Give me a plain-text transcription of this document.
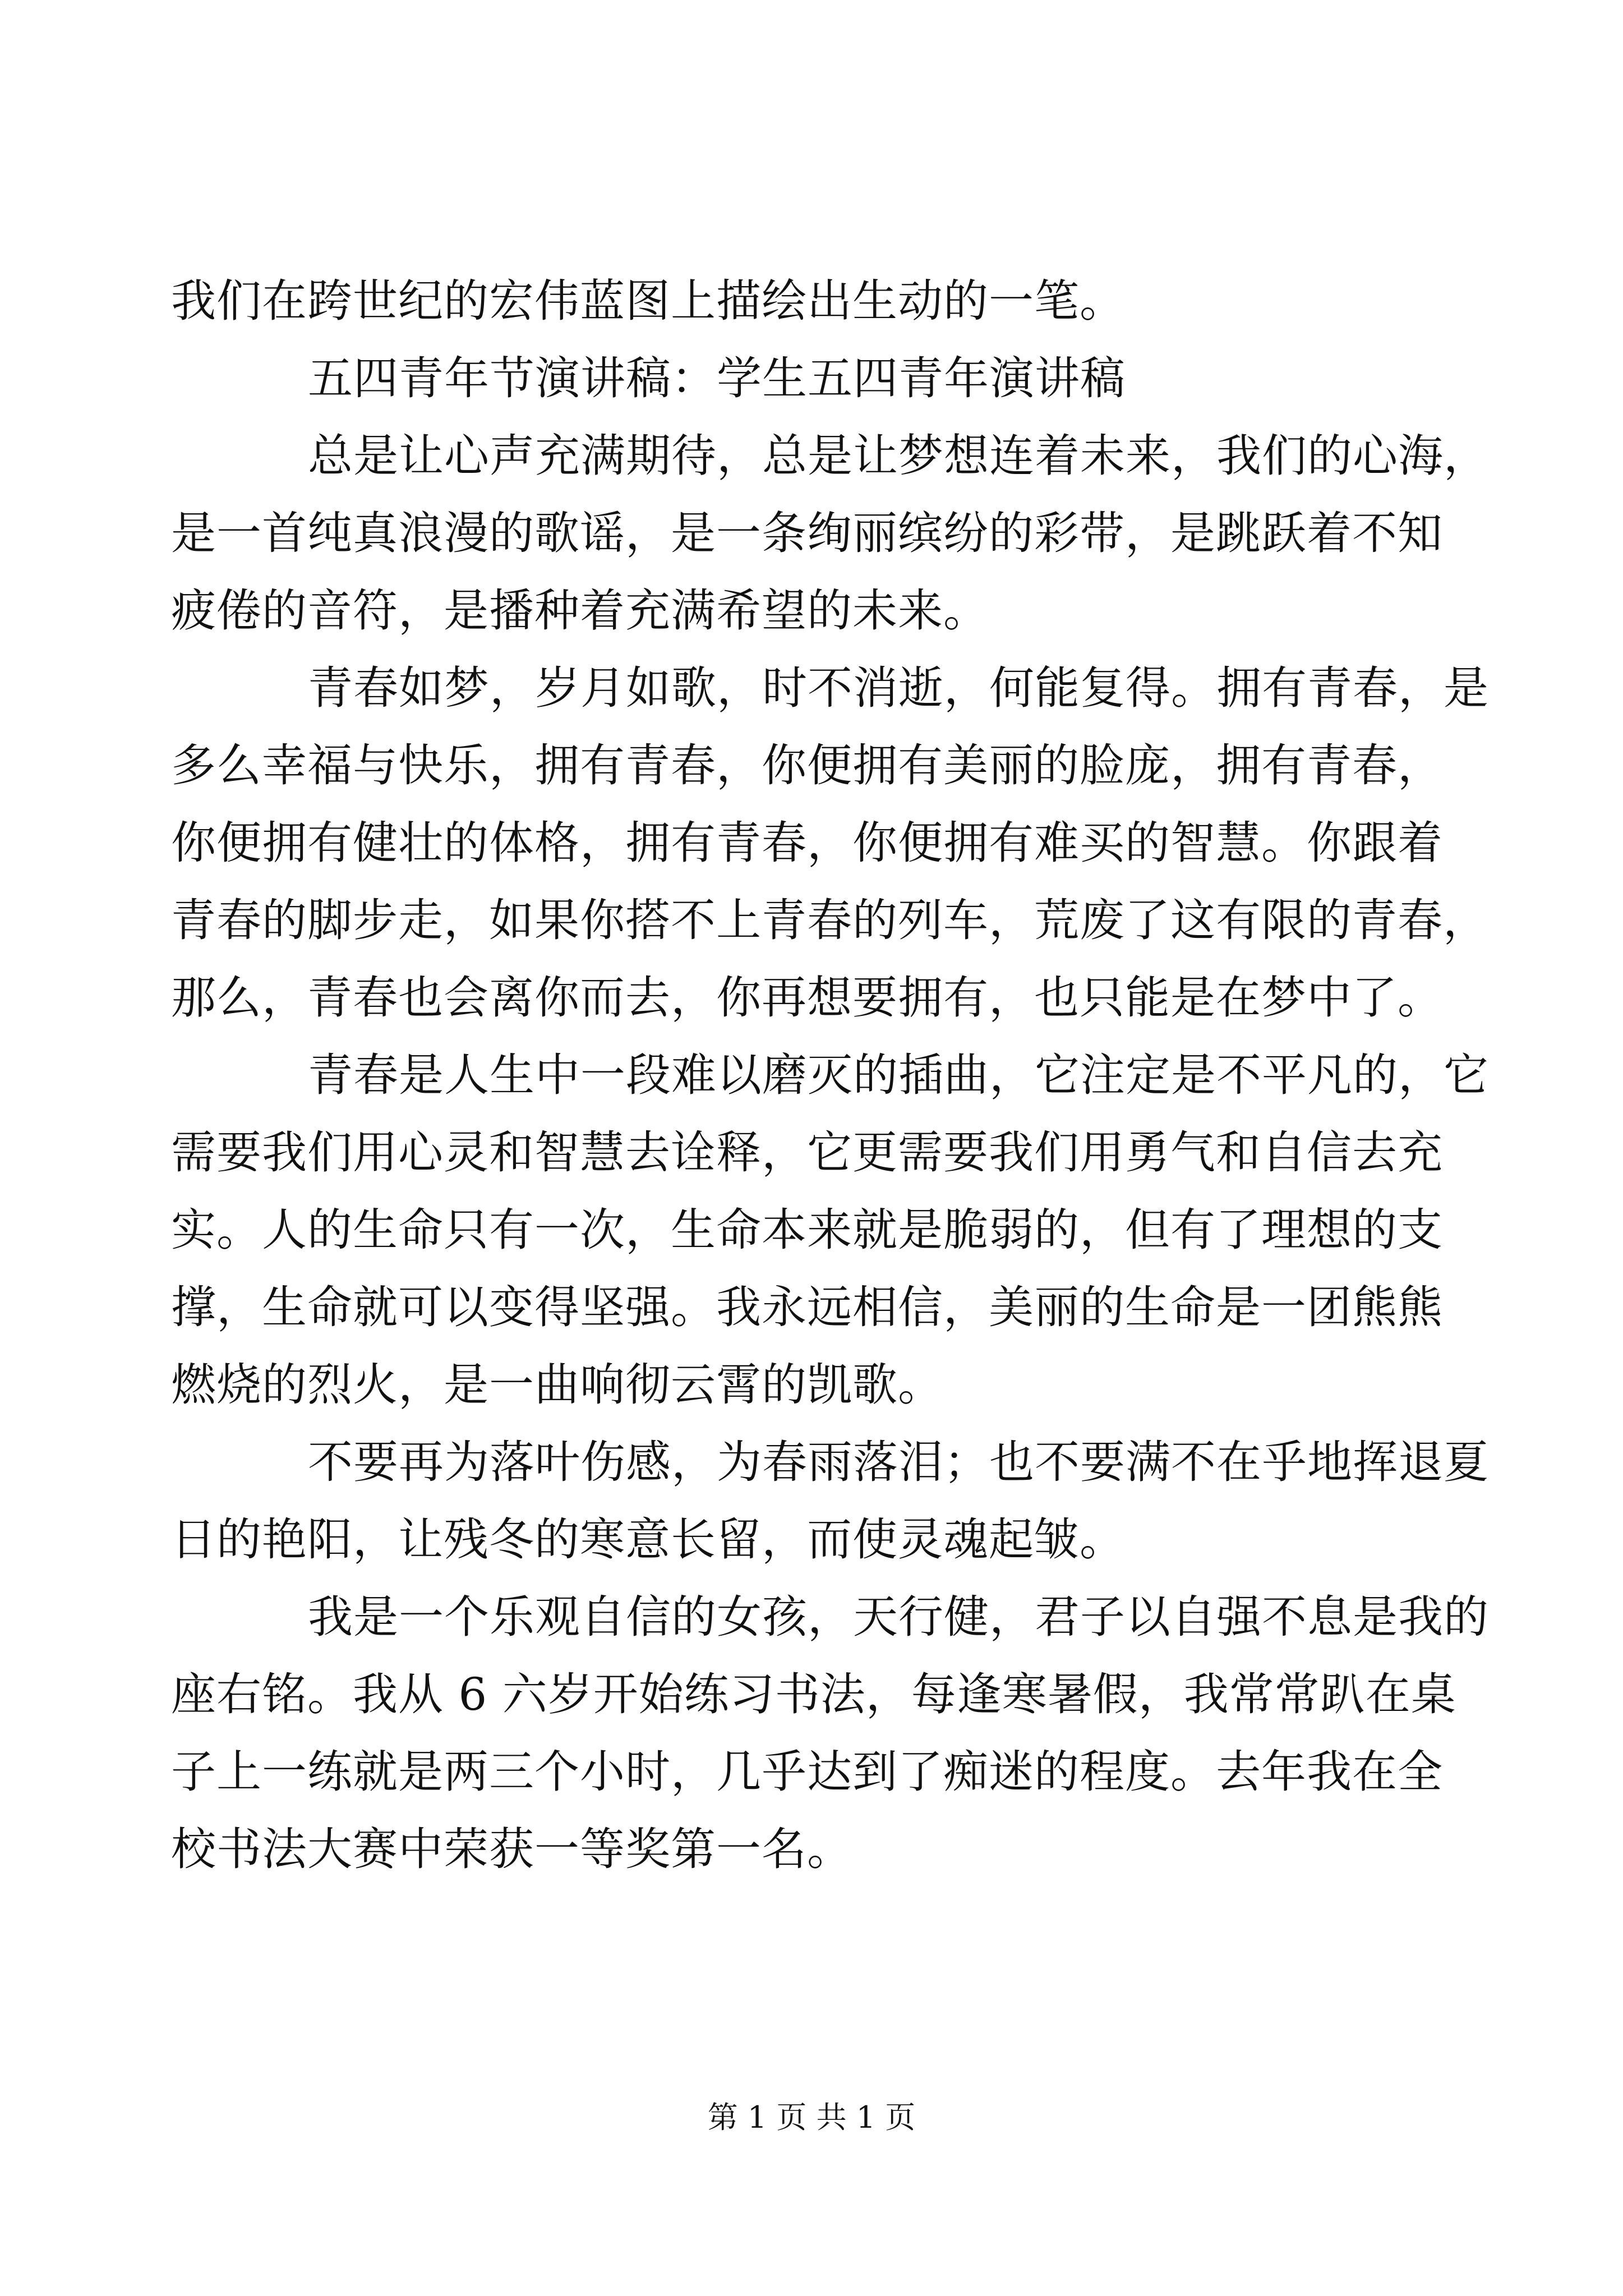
我们在跨世纪的宏伟蓝图上描绘出生动的一笔。

五四青年节演讲稿：学生五四青年演讲稿

总是让心声充满期待，总是让梦想连着未来，我们的心海，

是一首纯真浪漫的歌谣，是一条绚丽缤纷的彩带，是跳跃着不知

疲倦的音符，是播种着充满希望的未来。

青春如梦，岁月如歌，时不消逝，何能复得。拥有青春，是

多么幸福与快乐，拥有青春，你便拥有美丽的脸庞，拥有青春，

你便拥有健壮的体格，拥有青春，你便拥有难买的智慧。你跟着

青春的脚步走，如果你搭不上青春的列车，荒废了这有限的青春，

那么，青春也会离你而去，你再想要拥有，也只能是在梦中了。

青春是人生中一段难以磨灭的插曲，它注定是不平凡的，它

需要我们用心灵和智慧去诠释，它更需要我们用勇气和自信去充

实。人的生命只有一次，生命本来就是脆弱的，但有了理想的支

撑，生命就可以变得坚强。我永远相信，美丽的生命是一团熊熊

燃烧的烈火，是一曲响彻云霄的凯歌。

不要再为落叶伤感，为春雨落泪；也不要满不在乎地挥退夏

日的艳阳，让残冬的寒意长留，而使灵魂起皱。

我是一个乐观自信的女孩，天行健，君子以自强不息是我的

座右铭。我从 6 六岁开始练习书法，每逢寒暑假，我常常趴在桌

子上一练就是两三个小时，几乎达到了痴迷的程度。去年我在全

校书法大赛中荣获一等奖第一名。

第 1 页 共 1 页
